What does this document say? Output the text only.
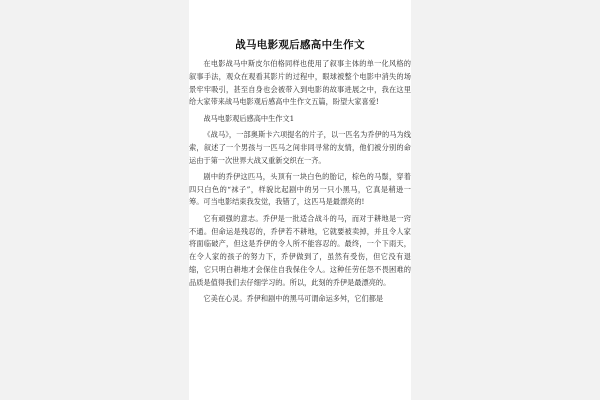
战马电影观后感高中生作文

在电影战马中斯皮尔伯格同样也使用了叙事主体的单一化风格的叙事手法，观众在观看其影片的过程中，眼球被整个电影中消失的场景牢牢吸引，甚至自身也会被带入到电影的故事进展之中，我在这里给大家带来战马电影观后感高中生作文五篇，盼望大家喜爱!

战马电影观后感高中生作文1

《战马》，一部奥斯卡六项提名的片子，以一匹名为乔伊的马为线索，叙述了一个男孩与一匹马之间非同寻常的友情，他们被分别的命运由于第一次世界大战又重新交织在一齐。

剧中的乔伊这匹马，头顶有一块白色的胎记，棕色的马鬃，穿着四只白色的“袜子”，样貌比起剧中的另一只小黑马，它真是稍逊一筹。可当电影结束我发觉，我错了，这匹马是最漂亮的!

它有顽强的意志。乔伊是一批适合战斗的马，而对于耕地是一窍不通。但命运是残忍的，乔伊若不耕地，它就要被卖掉，并且令人家将面临破产，但这是乔伊的令人所不能容忍的。最终，一个下雨天，在令人家的孩子的努力下，乔伊做到了，虽然有受伤，但它没有退缩，它只明白耕地才会保住自我保住令人。这种任劳任怨不畏困难的品质是值得我们去仔细学习的。所以，此刻的乔伊是最漂亮的。

它美在心灵。乔伊和剧中的黑马可谓命运多舛，它们都是
